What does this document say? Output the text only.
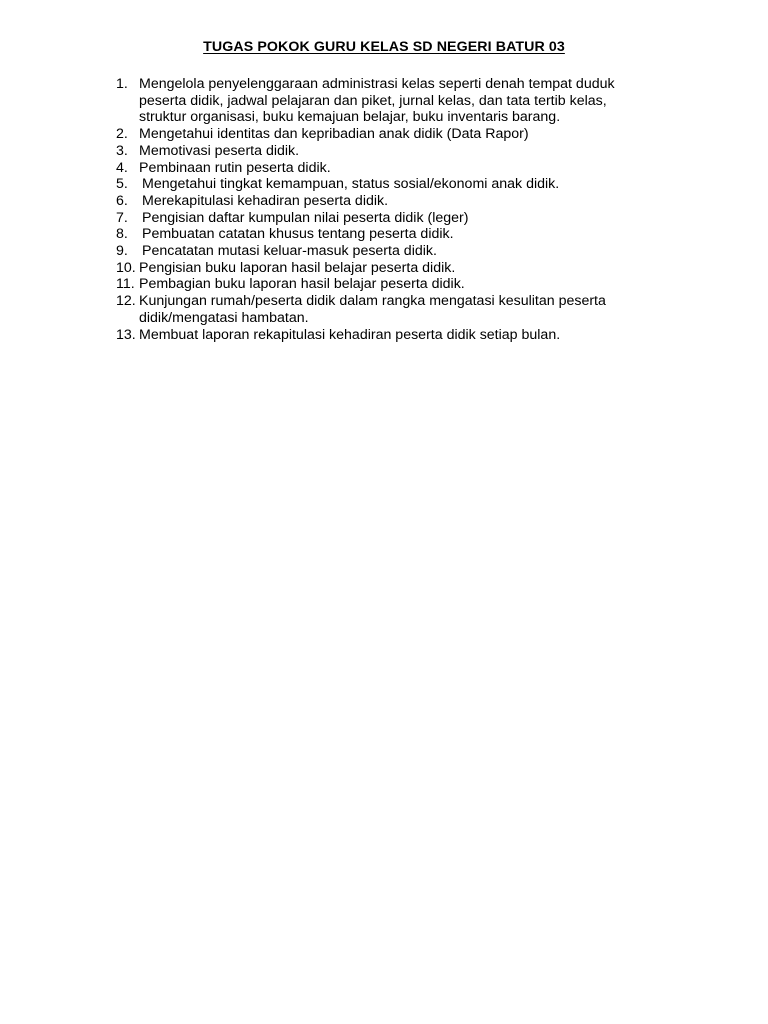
TUGAS POKOK GURU KELAS SD NEGERI BATUR 03
1. Mengelola penyelenggaraan administrasi kelas seperti denah tempat duduk
peserta didik, jadwal pelajaran dan piket, jurnal kelas, dan tata tertib kelas,
struktur organisasi, buku kemajuan belajar, buku inventaris barang.
2. Mengetahui identitas dan kepribadian anak didik (Data Rapor)
3. Memotivasi peserta didik.
4. Pembinaan rutin peserta didik.
5. Mengetahui tingkat kemampuan, status sosial/ekonomi anak didik.
6. Merekapitulasi kehadiran peserta didik.
7. Pengisian daftar kumpulan nilai peserta didik (leger)
8. Pembuatan catatan khusus tentang peserta didik.
9. Pencatatan mutasi keluar-masuk peserta didik.
10. Pengisian buku laporan hasil belajar peserta didik.
11. Pembagian buku laporan hasil belajar peserta didik.
12. Kunjungan rumah/peserta didik dalam rangka mengatasi kesulitan peserta
didik/mengatasi hambatan.
13. Membuat laporan rekapitulasi kehadiran peserta didik setiap bulan.
